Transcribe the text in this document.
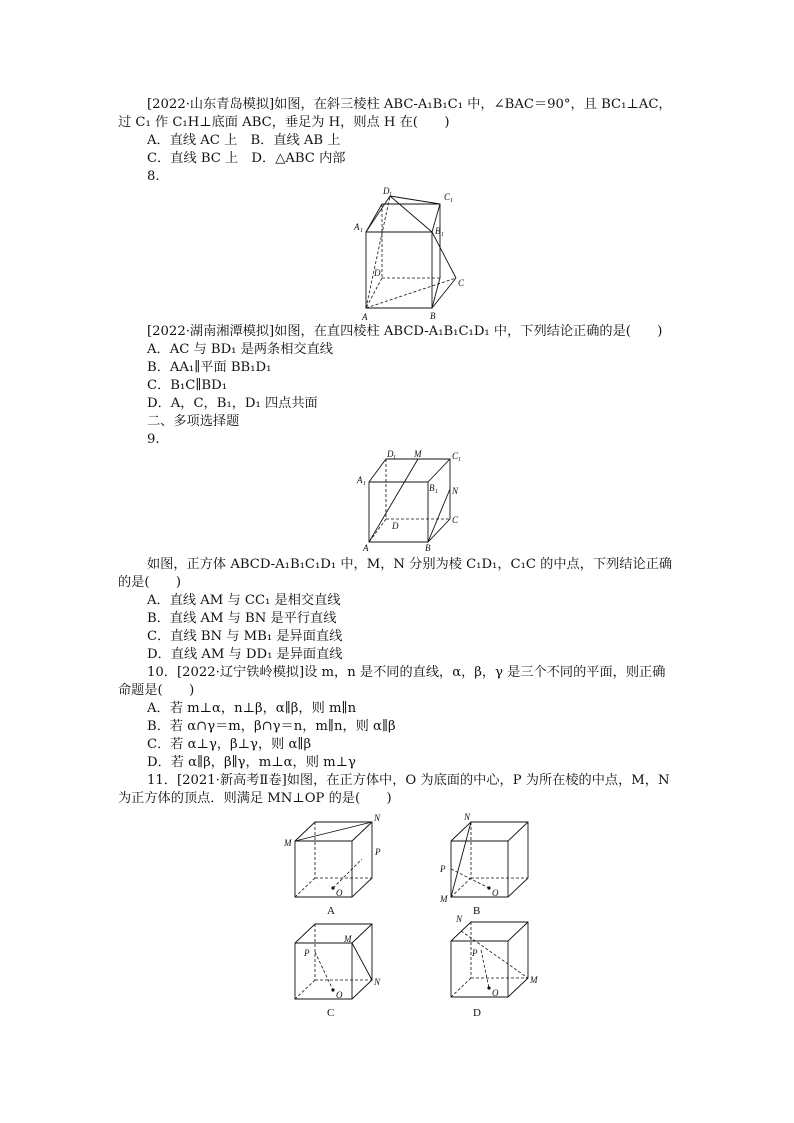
[2022·山东青岛模拟]如图，在斜三棱柱 ABC-A₁B₁C₁ 中，∠BAC＝90°，且 BC₁⊥AC，
过 C₁ 作 C₁H⊥底面 ABC，垂足为 H，则点 H 在(　　)
A．直线 AC 上　B．直线 AB 上
C．直线 BC 上　D．△ABC 内部
8.
D 1	C 1
A 1	B 1
D
C
A	B
[2022·湖南湘潭模拟]如图，在直四棱柱 ABCD-A₁B₁C₁D₁ 中，下列结论正确的是(　　)
A．AC 与 BD₁ 是两条相交直线
B．AA₁∥平面 BB₁D₁
C．B₁C∥BD₁
D．A，C，B₁，D₁ 四点共面
二、多项选择题
9.
D 1 M	C 1
A 1	B 1 N
D
C
A	B
如图，正方体 ABCD-A₁B₁C₁D₁ 中，M，N 分别为棱 C₁D₁，C₁C 的中点，下列结论正确
的是(　　)
A．直线 AM 与 CC₁ 是相交直线
B．直线 AM 与 BN 是平行直线
C．直线 BN 与 MB₁ 是异面直线
D．直线 AM 与 DD₁ 是异面直线
10．[2022·辽宁铁岭模拟]设 m，n 是不同的直线，α，β，γ 是三个不同的平面，则正确
命题是(　　)
A．若 m⊥α，n⊥β，α∥β，则 m∥n
B．若 α∩γ＝m，β∩γ＝n，m∥n，则 α∥β
C．若 α⊥γ，β⊥γ，则 α∥β
D．若 α∥β，β∥γ，m⊥α，则 m⊥γ
11．[2021·新高考Ⅱ卷]如图，在正方体中，O 为底面的中心，P 为所在棱的中点，M，N
为正方体的顶点．则满足 MN⊥OP 的是(　　)
M
N
P
O
A
N
P
M
O
B
M
P
N
O
C
N
P
M
O
D
